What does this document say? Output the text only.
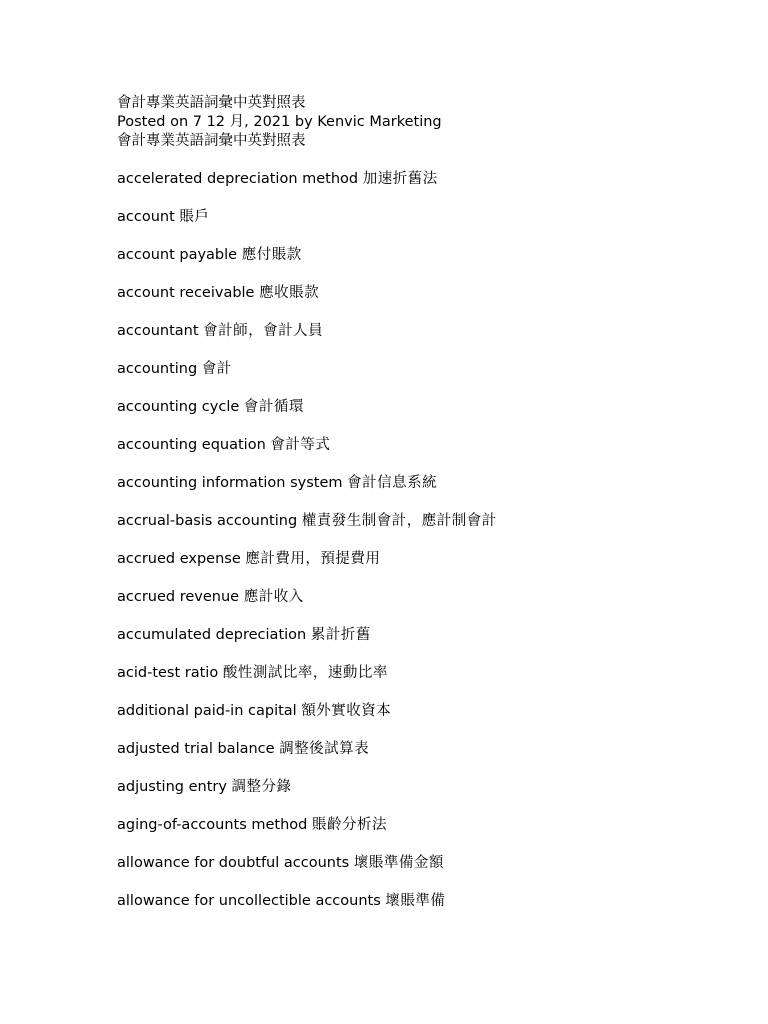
會計專業英語詞彙中英對照表
Posted on 7 12 月, 2021 by Kenvic Marketing
會計專業英語詞彙中英對照表
accelerated depreciation method 加速折舊法
account 賬戶
account payable 應付賬款
account receivable 應收賬款
accountant 會計師，會計人員
accounting 會計
accounting cycle 會計循環
accounting equation 會計等式
accounting information system 會計信息系統
accrual-basis accounting 權責發生制會計，應計制會計
accrued expense 應計費用，預提費用
accrued revenue 應計收入
accumulated depreciation 累計折舊
acid-test ratio 酸性測試比率，速動比率
additional paid-in capital 額外實收資本
adjusted trial balance 調整後試算表
adjusting entry 調整分錄
aging-of-accounts method 賬齡分析法
allowance for doubtful accounts 壞賬準備金額
allowance for uncollectible accounts 壞賬準備
